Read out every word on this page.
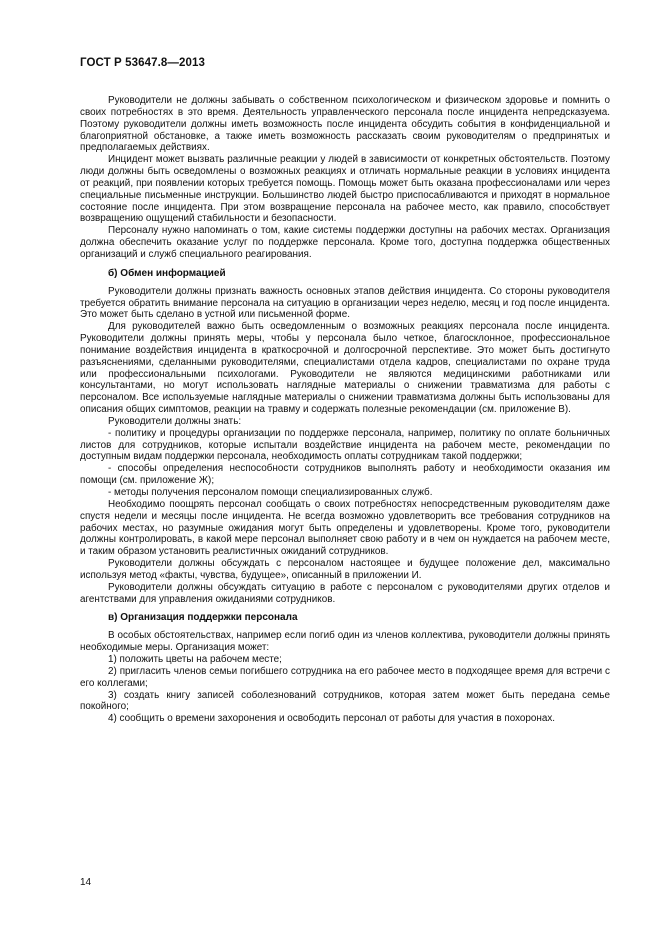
ГОСТ Р 53647.8—2013

Руководители не должны забывать о собственном психологическом и физическом здоровье и помнить о своих потребностях в это время. Деятельность управленческого персонала после инцидента непредсказуема. Поэтому руководители должны иметь возможность после инцидента обсудить события в конфиденциальной и благоприятной обстановке, а также иметь возможность рассказать своим руководителям о предпринятых и предполагаемых действиях.

Инцидент может вызвать различные реакции у людей в зависимости от конкретных обстоятельств. Поэтому люди должны быть осведомлены о возможных реакциях и отличать нормальные реакции в условиях инцидента от реакций, при появлении которых требуется помощь. Помощь может быть оказана профессионалами или через специальные письменные инструкции. Большинство людей быстро приспосабливаются и приходят в нормальное состояние после инцидента. При этом возвращение персонала на рабочее место, как правило, способствует возвращению ощущений стабильности и безопасности.

Персоналу нужно напоминать о том, какие системы поддержки доступны на рабочих местах. Организация должна обеспечить оказание услуг по поддержке персонала. Кроме того, доступна поддержка общественных организаций и служб специального реагирования.

б) Обмен информацией

Руководители должны признать важность основных этапов действия инцидента. Со стороны руководителя требуется обратить внимание персонала на ситуацию в организации через неделю, месяц и год после инцидента. Это может быть сделано в устной или письменной форме.

Для руководителей важно быть осведомленным о возможных реакциях персонала после инцидента. Руководители должны принять меры, чтобы у персонала было четкое, благосклонное, профессиональное понимание воздействия инцидента в краткосрочной и долгосрочной перспективе. Это может быть достигнуто разъяснениями, сделанными руководителями, специалистами отдела кадров, специалистами по охране труда или профессиональными психологами. Руководители не являются медицинскими работниками или консультантами, но могут использовать наглядные материалы о снижении травматизма для работы с персоналом. Все используемые наглядные материалы о снижении травматизма должны быть использованы для описания общих симптомов, реакции на травму и содержать полезные рекомендации (см. приложение В).

Руководители должны знать:

- политику и процедуры организации по поддержке персонала, например, политику по оплате больничных листов для сотрудников, которые испытали воздействие инцидента на рабочем месте, рекомендации по доступным видам поддержки персонала, необходимость оплаты сотрудникам такой поддержки;

- способы определения неспособности сотрудников выполнять работу и необходимости оказания им помощи (см. приложение Ж);

- методы получения персоналом помощи специализированных служб.

Необходимо поощрять персонал сообщать о своих потребностях непосредственным руководителям даже спустя недели и месяцы после инцидента. Не всегда возможно удовлетворить все требования сотрудников на рабочих местах, но разумные ожидания могут быть определены и удовлетворены. Кроме того, руководители должны контролировать, в какой мере персонал выполняет свою работу и в чем он нуждается на рабочем месте, и таким образом установить реалистичных ожиданий сотрудников.

Руководители должны обсуждать с персоналом настоящее и будущее положение дел, максимально используя метод «факты, чувства, будущее», описанный в приложении И.

Руководители должны обсуждать ситуацию в работе с персоналом с руководителями других отделов и агентствами для управления ожиданиями сотрудников.

в) Организация поддержки персонала

В особых обстоятельствах, например если погиб один из членов коллектива, руководители должны принять необходимые меры. Организация может:

1) положить цветы на рабочем месте;

2) пригласить членов семьи погибшего сотрудника на его рабочее место в подходящее время для встречи с его коллегами;

3) создать книгу записей соболезнований сотрудников, которая затем может быть передана семье покойного;

4) сообщить о времени захоронения и освободить персонал от работы для участия в похоронах.

14
